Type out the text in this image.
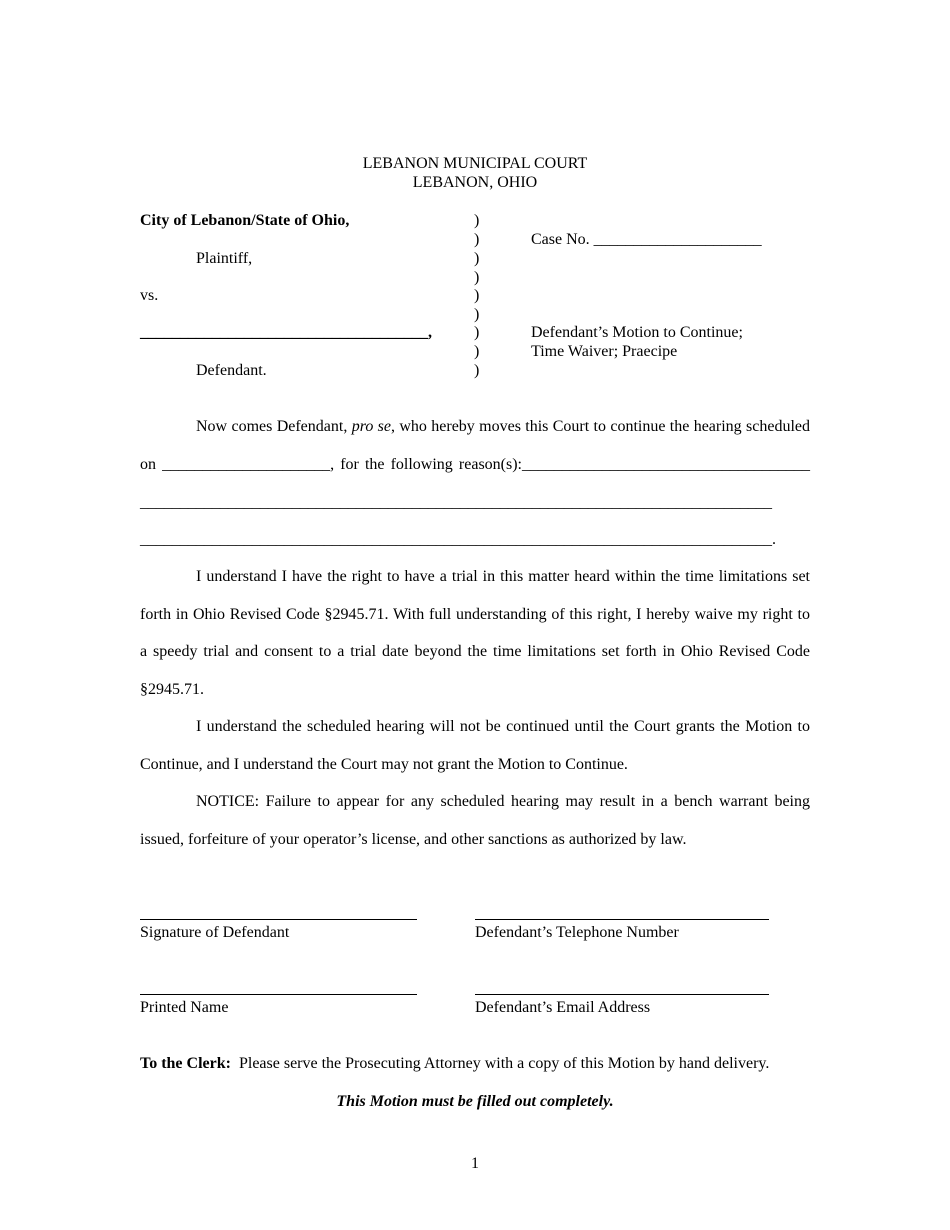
LEBANON MUNICIPAL COURT
LEBANON, OHIO
City of Lebanon/State of Ohio,
Plaintiff,
vs.
____________________________________,
Defendant.
)
)
)
)
)
)
)
)
)
Case No. _____________________
Defendant’s Motion to Continue;
Time Waiver; Praecipe
Now comes Defendant, pro se, who hereby moves this Court to continue the hearing scheduled
on _____________________, for the following reason(s):____________________________________
_______________________________________________________________________________
_______________________________________________________________________________.
I understand I have the right to have a trial in this matter heard within the time limitations set
forth in Ohio Revised Code §2945.71. With full understanding of this right, I hereby waive my right to
a speedy trial and consent to a trial date beyond the time limitations set forth in Ohio Revised Code
§2945.71.
I understand the scheduled hearing will not be continued until the Court grants the Motion to
Continue, and I understand the Court may not grant the Motion to Continue.
NOTICE: Failure to appear for any scheduled hearing may result in a bench warrant being
issued, forfeiture of your operator’s license, and other sanctions as authorized by law.
Signature of Defendant	Defendant’s Telephone Number
Printed Name	Defendant’s Email Address
To the Clerk:  Please serve the Prosecuting Attorney with a copy of this Motion by hand delivery.
This Motion must be filled out completely.
1
